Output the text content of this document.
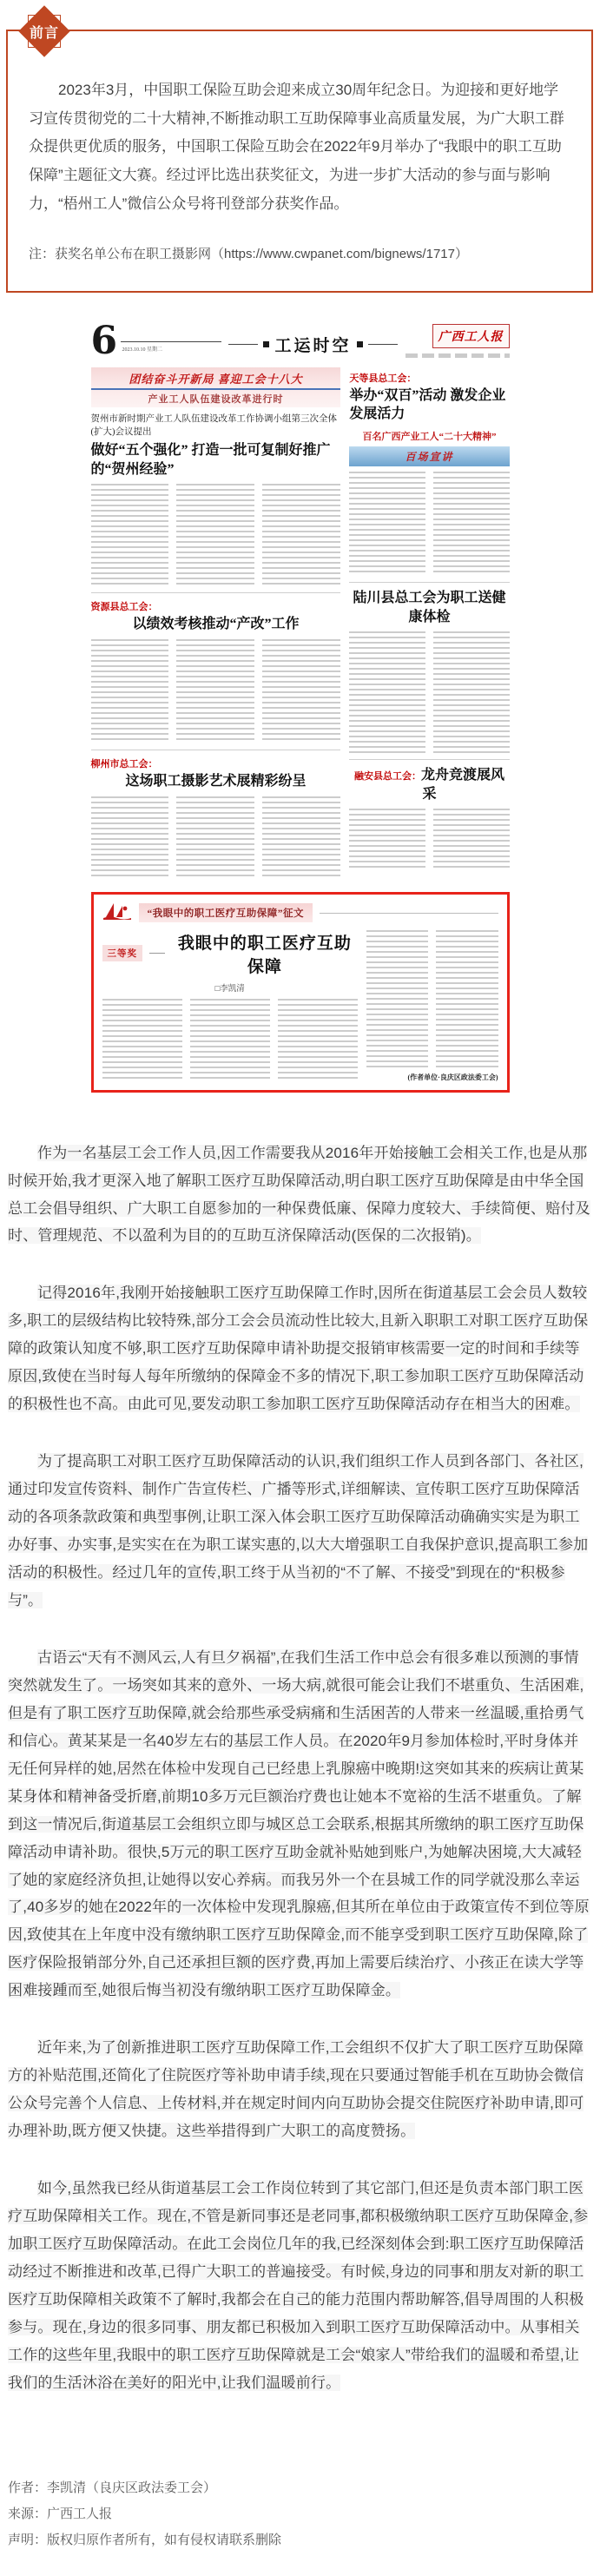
前言
2023年3月，中国职工保险互助会迎来成立30周年纪念日。为迎接和更好地学习宣传贯彻党的二十大精神,不断推动职工互助保障事业高质量发展，为广大职工群众提供更优质的服务，中国职工保险互助会在2022年9月举办了“我眼中的职工互助保障”主题征文大赛。经过评比选出获奖征文，为进一步扩大活动的参与面与影响力，“梧州工人”微信公众号将刊登部分获奖作品。
注：获奖名单公布在职工摄影网（https://www.cwpanet.com/bignews/1717）
6 2023.10.10 星期二	工运时空	广西工人报
团结奋斗开新局 喜迎工会十八大
产业工人队伍建设改革进行时
贺州市新时期产业工人队伍建设改革工作协调小组第三次全体(扩大)会议提出
做好“五个强化” 打造一批可复制好推广的“贺州经验”
资源县总工会：
以绩效考核推动“产改”工作
柳州市总工会：
这场职工摄影艺术展精彩纷呈
天等县总工会：
举办“双百”活动 激发企业发展活力
百名广西产业工人“二十大精神”
百场宣讲
陆川县总工会为职工送健康体检
融安县总工会：龙舟竞渡展风采
“我眼中的职工医疗互助保障”征文
三等奖
我眼中的职工医疗互助保障
□李凯清
(作者单位·良庆区政法委工会)

作为一名基层工会工作人员,因工作需要我从2016年开始接触工会相关工作,也是从那时候开始,我才更深入地了解职工医疗互助保障活动,明白职工医疗互助保障是由中华全国总工会倡导组织、广大职工自愿参加的一种保费低廉、保障力度较大、手续简便、赔付及时、管理规范、不以盈利为目的的互助互济保障活动(医保的二次报销)。

记得2016年,我刚开始接触职工医疗互助保障工作时,因所在街道基层工会会员人数较多,职工的层级结构比较特殊,部分工会会员流动性比较大,且新入职职工对职工医疗互助保障的政策认知度不够,职工医疗互助保障申请补助提交报销审核需要一定的时间和手续等原因,致使在当时每人每年所缴纳的保障金不多的情况下,职工参加职工医疗互助保障活动的积极性也不高。由此可见,要发动职工参加职工医疗互助保障活动存在相当大的困难。

为了提高职工对职工医疗互助保障活动的认识,我们组织工作人员到各部门、各社区,通过印发宣传资料、制作广告宣传栏、广播等形式,详细解读、宣传职工医疗互助保障活动的各项条款政策和典型事例,让职工深入体会职工医疗互助保障活动确确实实是为职工办好事、办实事,是实实在在为职工谋实惠的,以大大增强职工自我保护意识,提高职工参加活动的积极性。经过几年的宣传,职工终于从当初的“不了解、不接受”到现在的“积极参与”。

古语云“天有不测风云,人有旦夕祸福”,在我们生活工作中总会有很多难以预测的事情突然就发生了。一场突如其来的意外、一场大病,就很可能会让我们不堪重负、生活困难,但是有了职工医疗互助保障,就会给那些承受病痛和生活困苦的人带来一丝温暖,重拾勇气和信心。黄某某是一名40岁左右的基层工作人员。在2020年9月参加体检时,平时身体并无任何异样的她,居然在体检中发现自己已经患上乳腺癌中晚期!这突如其来的疾病让黄某某身体和精神备受折磨,前期10多万元巨额治疗费也让她本不宽裕的生活不堪重负。了解到这一情况后,街道基层工会组织立即与城区总工会联系,根据其所缴纳的职工医疗互助保障活动申请补助。很快,5万元的职工医疗互助金就补贴她到账户,为她解决困境,大大减轻了她的家庭经济负担,让她得以安心养病。而我另外一个在县城工作的同学就没那么幸运了,40多岁的她在2022年的一次体检中发现乳腺癌,但其所在单位由于政策宣传不到位等原因,致使其在上年度中没有缴纳职工医疗互助保障金,而不能享受到职工医疗互助保障,除了医疗保险报销部分外,自己还承担巨额的医疗费,再加上需要后续治疗、小孩正在读大学等困难接踵而至,她很后悔当初没有缴纳职工医疗互助保障金。

近年来,为了创新推进职工医疗互助保障工作,工会组织不仅扩大了职工医疗互助保障方的补贴范围,还简化了住院医疗等补助申请手续,现在只要通过智能手机在互助协会微信公众号完善个人信息、上传材料,并在规定时间内向互助协会提交住院医疗补助申请,即可办理补助,既方便又快捷。这些举措得到广大职工的高度赞扬。

如今,虽然我已经从街道基层工会工作岗位转到了其它部门,但还是负责本部门职工医疗互助保障相关工作。现在,不管是新同事还是老同事,都积极缴纳职工医疗互助保障金,参加职工医疗互助保障活动。在此工会岗位几年的我,已经深刻体会到:职工医疗互助保障活动经过不断推进和改革,已得广大职工的普遍接受。有时候,身边的同事和朋友对新的职工医疗互助保障相关政策不了解时,我都会在自己的能力范围内帮助解答,倡导周围的人积极参与。现在,身边的很多同事、朋友都已积极加入到职工医疗互助保障活动中。从事相关工作的这些年里,我眼中的职工医疗互助保障就是工会“娘家人”带给我们的温暖和希望,让我们的生活沐浴在美好的阳光中,让我们温暖前行。

作者：李凯清（良庆区政法委工会）
来源：广西工人报
声明：版权归原作者所有，如有侵权请联系删除
